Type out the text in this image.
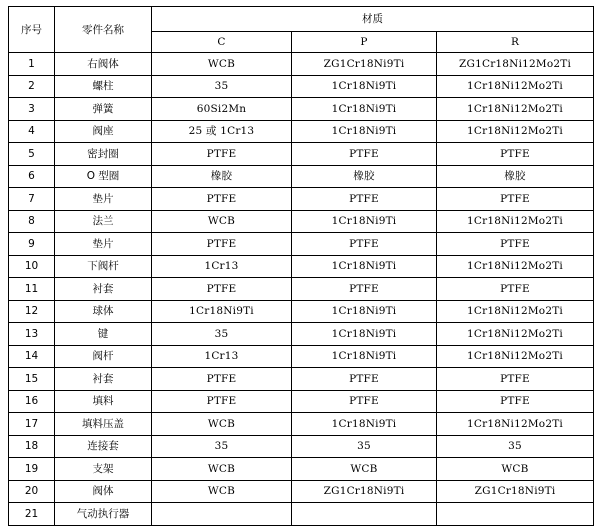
序号	零件名称	材质		
		C	P	R
1	右阀体	WCB	ZG1Cr18Ni9Ti	ZG1Cr18Ni12Mo2Ti
2	螺柱	35	1Cr18Ni9Ti	1Cr18Ni12Mo2Ti
3	弹簧	60Si2Mn	1Cr18Ni9Ti	1Cr18Ni12Mo2Ti
4	阀座	25 或 1Cr13	1Cr18Ni9Ti	1Cr18Ni12Mo2Ti
5	密封圈	PTFE	PTFE	PTFE
6	O 型圈	橡胶	橡胶	橡胶
7	垫片	PTFE	PTFE	PTFE
8	法兰	WCB	1Cr18Ni9Ti	1Cr18Ni12Mo2Ti
9	垫片	PTFE	PTFE	PTFE
10	下阀杆	1Cr13	1Cr18Ni9Ti	1Cr18Ni12Mo2Ti
11	衬套	PTFE	PTFE	PTFE
12	球体	1Cr18Ni9Ti	1Cr18Ni9Ti	1Cr18Ni12Mo2Ti
13	键	35	1Cr18Ni9Ti	1Cr18Ni12Mo2Ti
14	阀杆	1Cr13	1Cr18Ni9Ti	1Cr18Ni12Mo2Ti
15	衬套	PTFE	PTFE	PTFE
16	填料	PTFE	PTFE	PTFE
17	填料压盖	WCB	1Cr18Ni9Ti	1Cr18Ni12Mo2Ti
18	连接套	35	35	35
19	支架	WCB	WCB	WCB
20	阀体	WCB	ZG1Cr18Ni9Ti	ZG1Cr18Ni9Ti
21	气动执行器			
